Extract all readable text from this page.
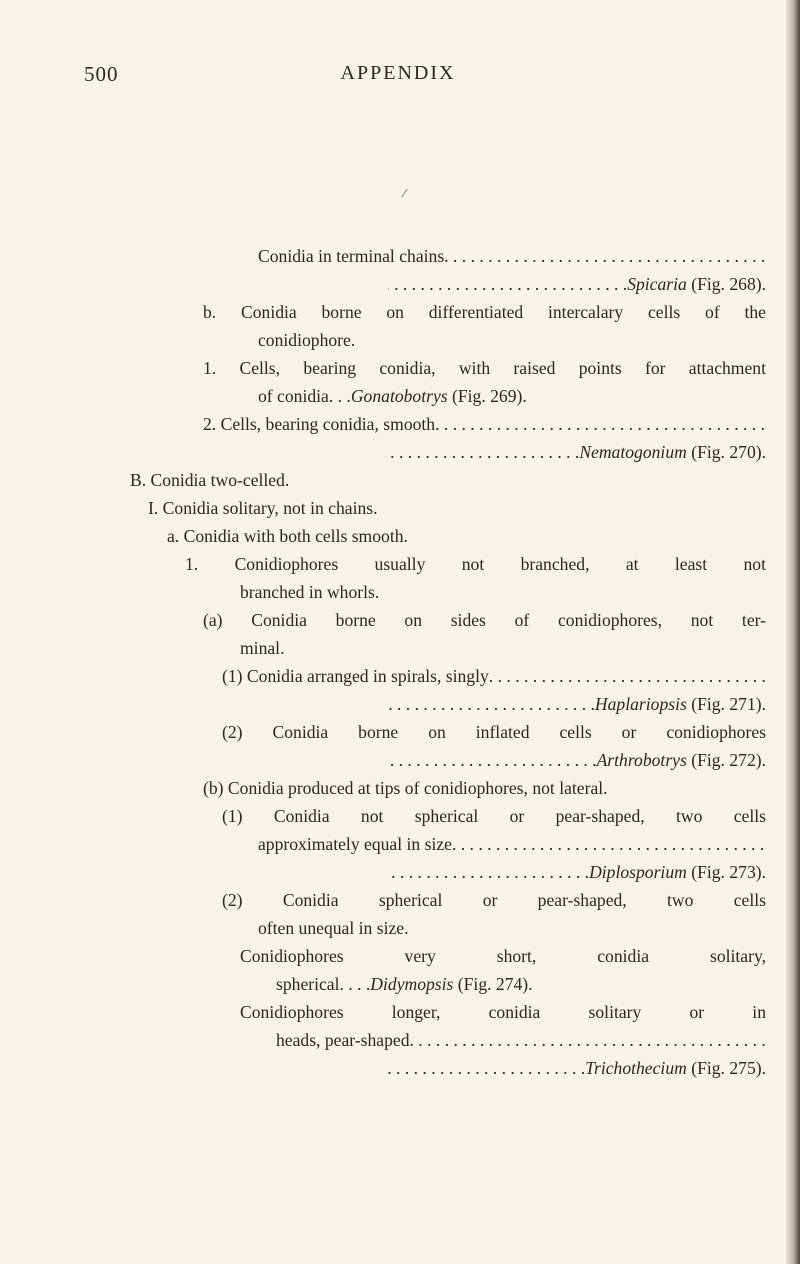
500	APPENDIX
Conidia in terminal chains
. . .
. . .
Spicaria (Fig. 268).
b. Conidia borne on differentiated intercalary cells of the
conidiophore.
1. Cells, bearing conidia, with raised points for attachment
of conidia. . .Gonatobotrys (Fig. 269).
2. Cells, bearing conidia, smooth
. . .
. . .
Nematogonium (Fig. 270).
B. Conidia two-celled.
I. Conidia solitary, not in chains.
a. Conidia with both cells smooth.
1. Conidiophores usually not branched, at least not
branched in whorls.
(a) Conidia borne on sides of conidiophores, not ter-
minal.
(1) Conidia arranged in spirals, singly
. . .
. . .
Haplariopsis (Fig. 271).
(2) Conidia borne on inflated cells or conidiophores
. . .
Arthrobotrys (Fig. 272).
(b) Conidia produced at tips of conidiophores, not lateral.
(1) Conidia not spherical or pear-shaped, two cells
approximately equal in size
. . .
. . .
Diplosporium (Fig. 273).
(2) Conidia spherical or pear-shaped, two cells
often unequal in size.
Conidiophores very short, conidia solitary,
spherical. . . .Didymopsis (Fig. 274).
Conidiophores longer, conidia solitary or in
heads, pear-shaped
. . .
. . .
Trichothecium (Fig. 275).
